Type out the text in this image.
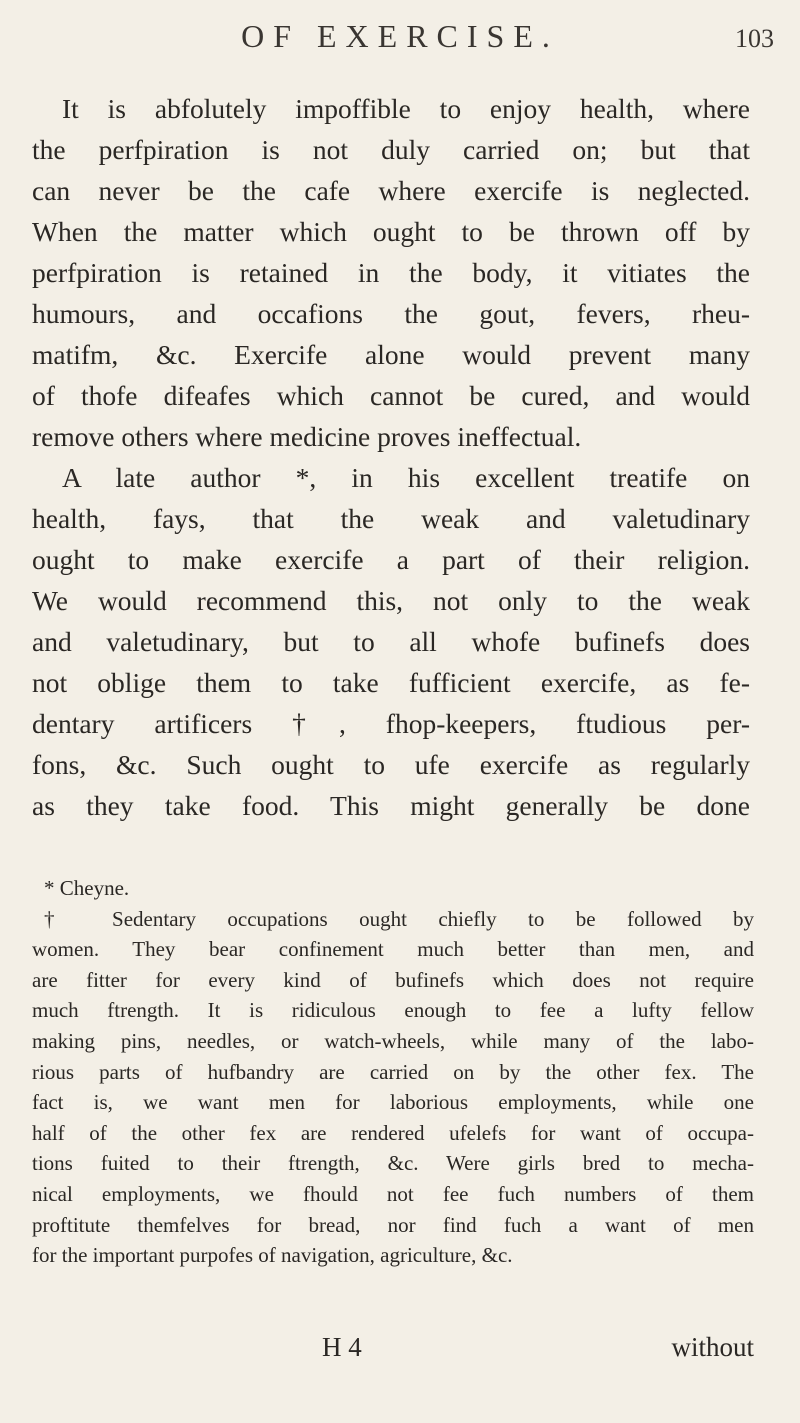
OF EXERCISE.	103
It is abfolutely impoffible to enjoy health, where
the perfpiration is not duly carried on; but that
can never be the cafe where exercife is neglected.
When the matter which ought to be thrown off by
perfpiration is retained in the body, it vitiates the
humours, and occafions the gout, fevers, rheu-
matifm, &c. Exercife alone would prevent many
of thofe difeafes which cannot be cured, and would
remove others where medicine proves ineffectual.
A late author *, in his excellent treatife on
health, fays, that the weak and valetudinary
ought to make exercife a part of their religion.
We would recommend this, not only to the weak
and valetudinary, but to all whofe bufinefs does
not oblige them to take fufficient exercife, as fe-
dentary artificers †, fhop-keepers, ftudious per-
fons, &c. Such ought to ufe exercife as regularly
as they take food. This might generally be done
* Cheyne.
† Sedentary occupations ought chiefly to be followed by
women. They bear confinement much better than men, and
are fitter for every kind of bufinefs which does not require
much ftrength. It is ridiculous enough to fee a lufty fellow
making pins, needles, or watch-wheels, while many of the labo-
rious parts of hufbandry are carried on by the other fex. The
fact is, we want men for laborious employments, while one
half of the other fex are rendered ufelefs for want of occupa-
tions fuited to their ftrength, &c. Were girls bred to mecha-
nical employments, we fhould not fee fuch numbers of them
proftitute themfelves for bread, nor find fuch a want of men
for the important purpofes of navigation, agriculture, &c.
H 4	without
